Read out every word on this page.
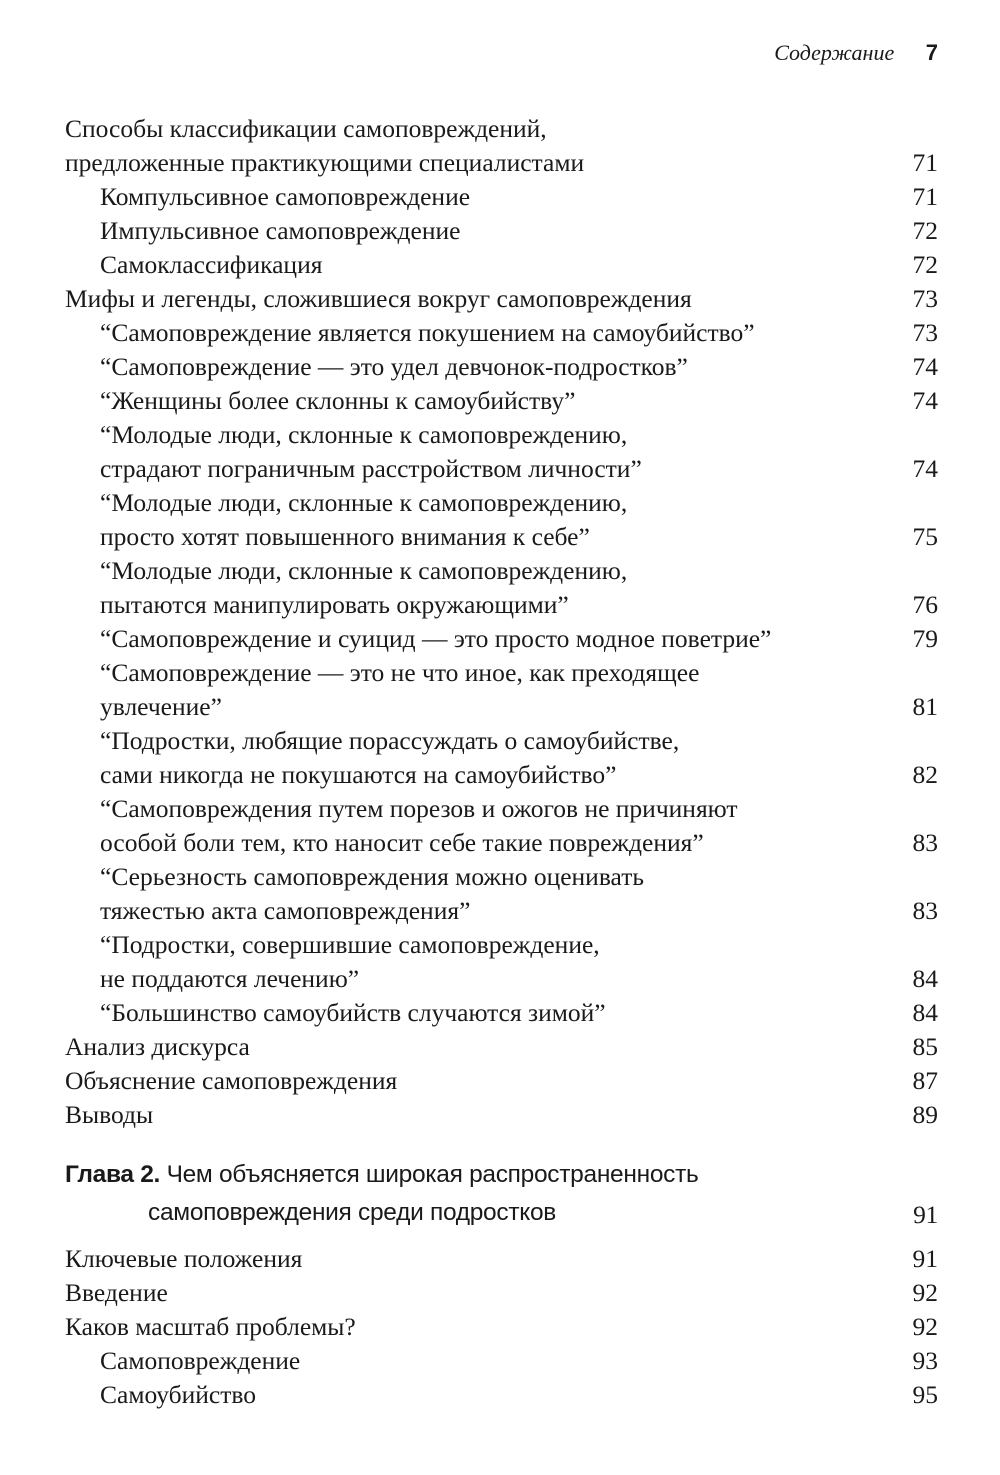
Содержание 7
Способы классификации самоповреждений,
предложенные практикующими специалистами	71
Компульсивное самоповреждение	71
Импульсивное самоповреждение	72
Самоклассификация	72
Мифы и легенды, сложившиеся вокруг самоповреждения	73
“Самоповреждение является покушением на самоубийство”	73
“Самоповреждение — это удел девчонок-подростков”	74
“Женщины более склонны к самоубийству”	74
“Молодые люди, склонные к самоповреждению,
страдают пограничным расстройством личности”	74
“Молодые люди, склонные к самоповреждению,
просто хотят повышенного внимания к себе”	75
“Молодые люди, склонные к самоповреждению,
пытаются манипулировать окружающими”	76
“Самоповреждение и суицид — это просто модное поветрие”	79
“Самоповреждение — это не что иное, как преходящее
увлечение”	81
“Подростки, любящие порассуждать о самоубийстве,
сами никогда не покушаются на самоубийство”	82
“Самоповреждения путем порезов и ожогов не причиняют
особой боли тем, кто наносит себе такие повреждения”	83
“Серьезность самоповреждения можно оценивать
тяжестью акта самоповреждения”	83
“Подростки, совершившие самоповреждение,
не поддаются лечению”	84
“Большинство самоубийств случаются зимой”	84
Анализ дискурса	85
Объяснение самоповреждения	87
Выводы	89
Глава 2. Чем объясняется широкая распространенность
самоповреждения среди подростков	91
Ключевые положения	91
Введение	92
Каков масштаб проблемы?	92
Самоповреждение	93
Самоубийство	95
